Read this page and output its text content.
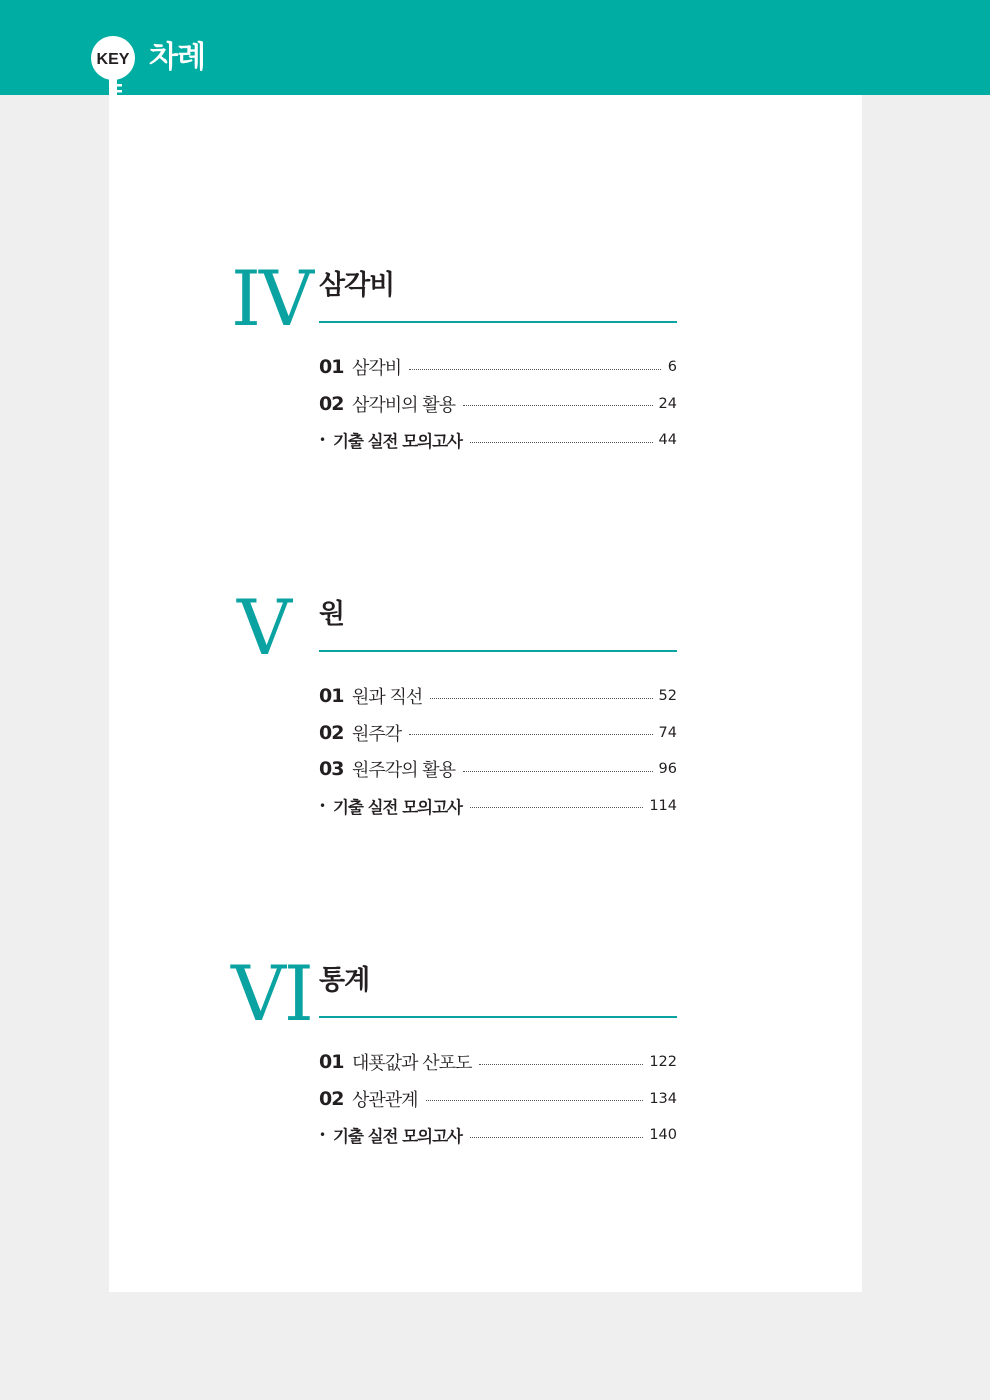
KEY 차례
IV 삼각비
01 삼각비	6
02 삼각비의 활용	24
• 기출 실전 모의고사	44
V 원
01 원과 직선	52
02 원주각	74
03 원주각의 활용	96
• 기출 실전 모의고사	114
VI 통계
01 대푯값과 산포도	122
02 상관관계	134
• 기출 실전 모의고사	140
